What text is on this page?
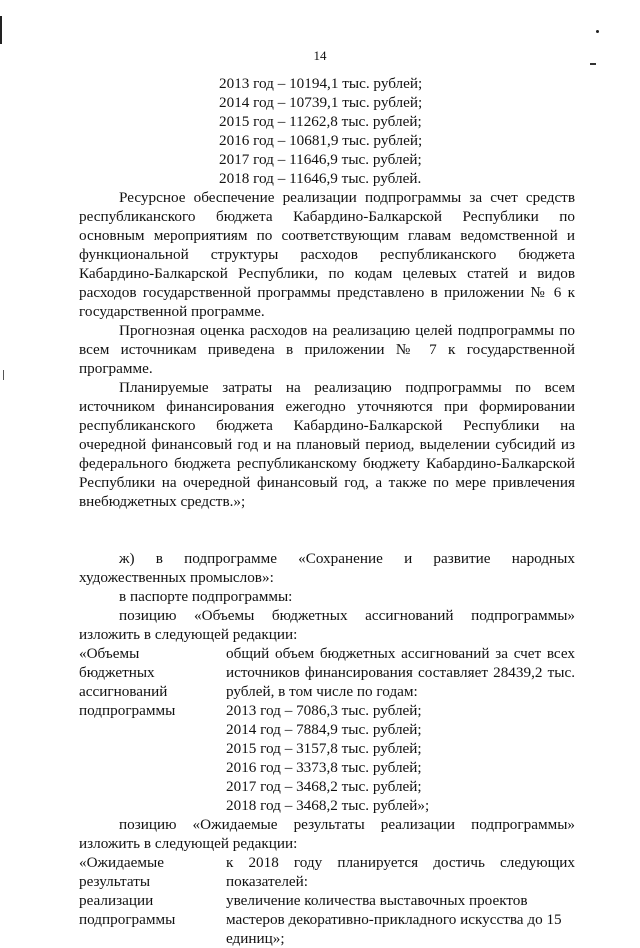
14
2013 год – 10194,1 тыс. рублей;
2014 год – 10739,1 тыс. рублей;
2015 год – 11262,8 тыс. рублей;
2016 год – 10681,9 тыс. рублей;
2017 год – 11646,9 тыс. рублей;
2018 год – 11646,9 тыс. рублей.

Ресурсное обеспечение реализации подпрограммы за счет средств республиканского бюджета Кабардино-Балкарской Республики по основным мероприятиям по соответствующим главам ведомственной и функциональной структуры расходов республиканского бюджета Кабардино-Балкарской Республики, по кодам целевых статей и видов расходов государственной программы представлено в приложении № 6 к государственной программе.

Прогнозная оценка расходов на реализацию целей подпрограммы по всем источникам приведена в приложении № 7 к государственной программе.

Планируемые затраты на реализацию подпрограммы по всем источником финансирования ежегодно уточняются при формировании республиканского бюджета Кабардино-Балкарской Республики на очередной финансовый год и на плановый период, выделении субсидий из федерального бюджета республиканскому бюджету Кабардино-Балкарской Республики на очередной финансовый год, а также по мере привлечения внебюджетных средств.»;

ж) в подпрограмме «Сохранение и развитие народных художественных промыслов»:

в паспорте подпрограммы:

позицию «Объемы бюджетных ассигнований подпрограммы» изложить в следующей редакции:

«Объемы
бюджетных
ассигнований
подпрограммы

общий объем бюджетных ассигнований за счет всех источников финансирования составляет 28439,2 тыс. рублей, в том числе по годам:

2013 год – 7086,3 тыс. рублей;
2014 год – 7884,9 тыс. рублей;
2015 год – 3157,8 тыс. рублей;
2016 год – 3373,8 тыс. рублей;
2017 год – 3468,2 тыс. рублей;
2018 год – 3468,2 тыс. рублей»;

позицию «Ожидаемые результаты реализации подпрограммы» изложить в следующей редакции:

«Ожидаемые
результаты
реализации
подпрограммы

к 2018 году планируется достичь следующих показателей:

увеличение количества выставочных проектов
мастеров декоративно-прикладного искусства до 15
единиц»;
